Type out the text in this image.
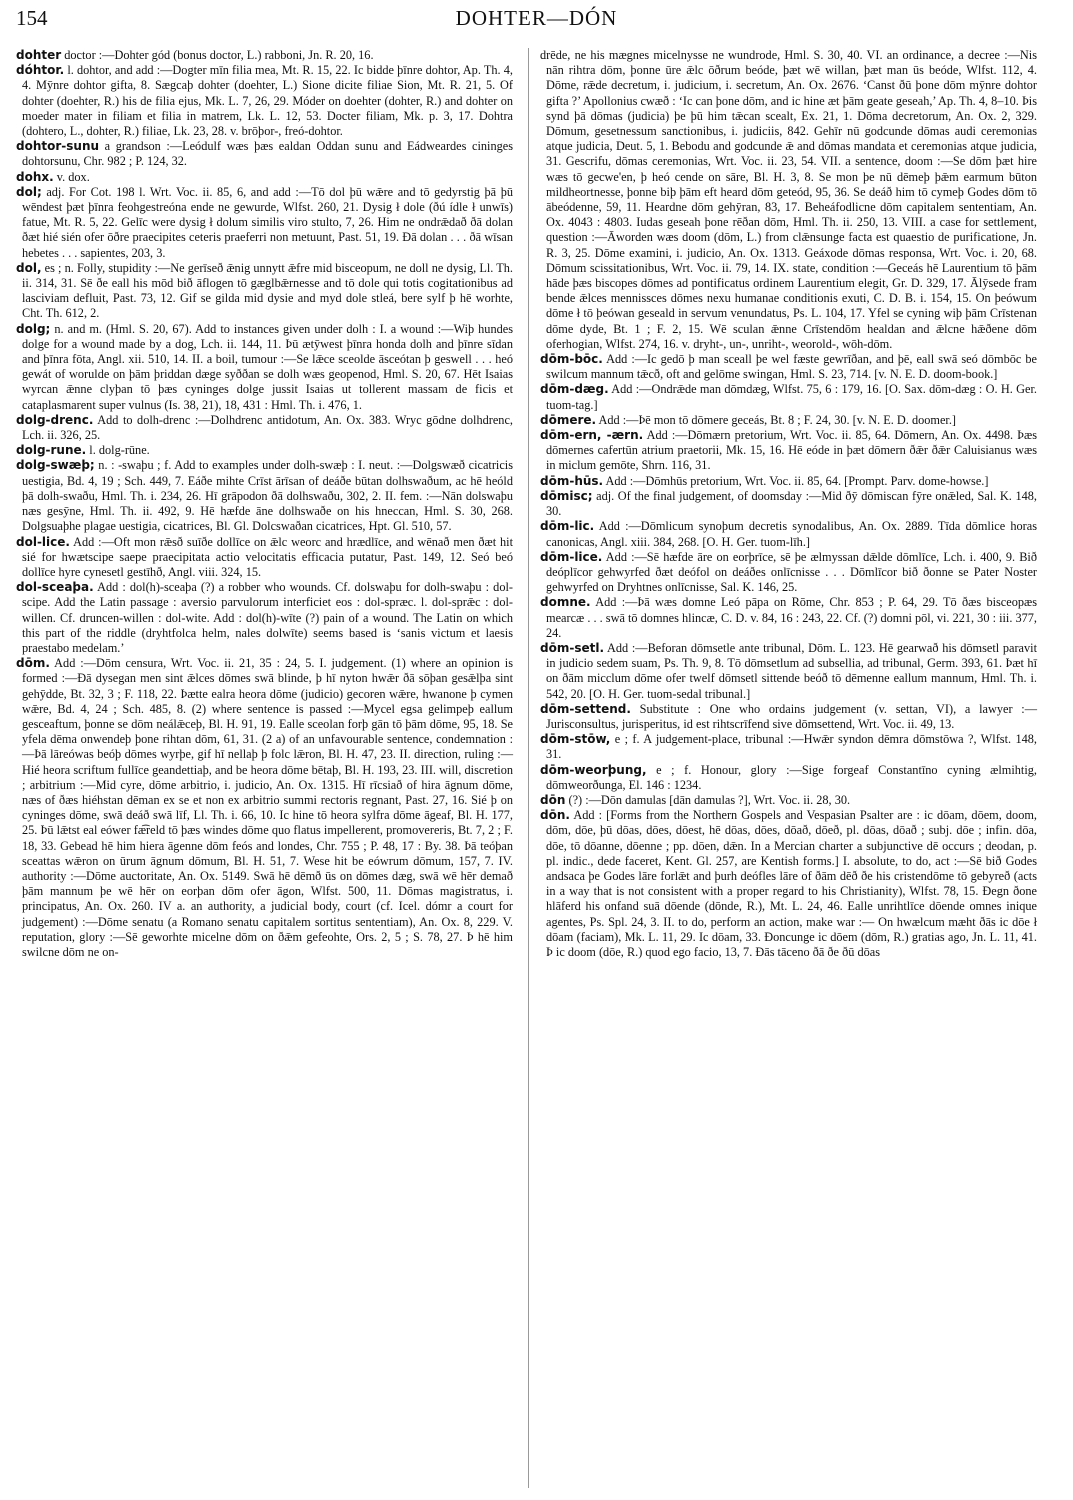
154	DOHTER—DÓN
dohter doctor :—Dohter gód (bonus doctor, L.) rabboni, Jn. R. 20, 16.
dóhtor. l. dohtor, and add :—Dogter mīn filia mea, Mt. R. 15, 22. Ic bidde þīnre dohtor, Ap. Th. 4, 4. Mȳnre dohtor gifta, 8. Sægcaþ dohter (doehter, L.) Sione dicite filiae Sion, Mt. R. 21, 5. Of dohter (doehter, R.) his de filia ejus, Mk. L. 7, 26, 29. Móder on doehter (dohter, R.) and dohter on moeder mater in filiam et filia in matrem, Lk. L. 12, 53. Docter filiam, Mk. p. 3, 17. Dohtra (dohtero, L., dohter, R.) filiae, Lk. 23, 28. v. brōþor-, freó-dohtor.
dohtor-sunu a grandson :—Leódulf wæs þæs ealdan Oddan sunu and Eádweardes ciningеs dohtorsunu, Chr. 982 ; P. 124, 32.
dohx. v. dox.
dol; adj. For Cot. 198 l. Wrt. Voc. ii. 85, 6, and add :—Tō dol þū wǣre and tō gedyrstig þā þū wēndest þæt þīnra feohgestreóna ende ne gewurde, Wlfst. 260, 21. Dysig ł dole (ðú ídle ł unwīs) fatue, Mt. R. 5, 22. Gelīc were dysig ł dolum similis viro stulto, 7, 26. Him ne ondrǣdað ðā dolan ðæt hié sién ofer ōðre praecipites ceteris praeferri non metuunt, Past. 51, 19. Ðā dolan . . . ðā wīsan hebetes . . . sapientes, 203, 3.
dol, es ; n. Folly, stupidity :—Ne gerīseð ǣnig unnytt ǣfre mid bisceopum, ne doll ne dysig, Ll. Th. ii. 314, 31. Sē ðe eall his mōd bið āflogen tō gæglbǣrnesse and tō dole qui totis cogitationibus ad lasciviam defluit, Past. 73, 12. Gif se gilda mid dysie and myd dole stleá, bere sylf þ hē worhte, Cht. Th. 612, 2.
dolg; n. and m. (Hml. S. 20, 67). Add to instances given under dolh : I. a wound :—Wiþ hundes dolge for a wound made by a dog, Lch. ii. 144, 11. Þū ætȳwest þīnra honda dolh and þīnre sīdan and þīnra fōta, Angl. xii. 510, 14. II. a boil, tumour :—Se lǣce sceolde āsceótan þ geswell . . . heó gewát of worulde on þām þriddan dæge syððan se dolh wæs geopenod, Hml. S. 20, 67. Hēt Isaias wyrcan ǣnne clyþan tō þæs cyninges dolge jussit Isaias ut tollerent massam de ficis et cataplasmarent super vulnus (Is. 38, 21), 18, 431 : Hml. Th. i. 476, 1.
dolg-drenc. Add to dolh-drenc :—Dolhdrenc antidotum, An. Ox. 383. Wryc gōdne dolhdrenc, Lch. ii. 326, 25.
dolg-rune. l. dolg-rūne.
dolg-swæþ; n. : -swaþu ; f. Add to examples under dolh-swæþ : I. neut. :—Dolgswæð cicatricis uestigia, Bd. 4, 19 ; Sch. 449, 7. Eáðe mihte Crīst ārīsan of deáðe būtan dolhswaðum, ac hē heóld þā dolh-swaðu, Hml. Th. i. 234, 26. Hī grāpodon ðā dolhswaðu, 302, 2. II. fem. :—Nān dolswaþu næs gesȳne, Hml. Th. ii. 492, 9. Hē hæfde āne dolhswaðe on his hneccan, Hml. S. 30, 268. Dolgsuaþhe plagae uestigia, cicatrices, Bl. Gl. Dolcswaðan cicatrices, Hpt. Gl. 510, 57.
dol-lice. Add :—Oft mon rǣsð suīðe dollīce on ǣlc weorc and hrædlīce, and wēnað men ðæt hit sié for hwætscipe saepe praecipitata actio velocitatis efficacia putatur, Past. 149, 12. Seó beó dollīce hyre cynesetl gestīhð, Angl. viii. 324, 15.
dol-sceaþa. Add : dol(h)-sceaþa (?) a robber who wounds. Cf. dolswaþu for dolh-swaþu : dol-scipe. Add the Latin passage : aversio parvulorum interficiet eos : dol-spræc. l. dol-sprǣc : dol-willen. Cf. druncen-willen : dol-wite. Add : dol(h)-wīte (?) pain of a wound. The Latin on which this part of the riddle (dryhtfolca helm, nales dolwīte) seems based is ‘sanis victum et laesis praestabo medelam.’
dōm. Add :—Dōm censura, Wrt. Voc. ii. 21, 35 : 24, 5. I. judgement. (1) where an opinion is formed :—Ðā dysegan men sint ǣlces dōmes swā blinde, þ hī nyton hwǣr ðā sōþan gesǣlþa sint gehȳdde, Bt. 32, 3 ; F. 118, 22. Þætte ealra heora dōme (judicio) gecoren wǣre, hwanone þ cymen wǣre, Bd. 4, 24 ; Sch. 485, 8. (2) where sentence is passed :—Mycel egsa gelimpeþ eallum gesceaftum, þonne se dōm neálǣceþ, Bl. H. 91, 19. Ealle sceolan forþ gān tō þām dōme, 95, 18. Se yfela dēma onwendeþ þone rihtan dōm, 61, 31. (2 a) of an unfavourable sentence, condemnation :—Þā lāreówas beóþ dōmes wyrþe, gif hī nellaþ þ folc lǣron, Bl. H. 47, 23. II. direction, ruling :—Hié heora scriftum fullīce geandettiaþ, and be heora dōme bētaþ, Bl. H. 193, 23. III. will, discretion ; arbitrium :—Mid cyre, dōme arbitrio, i. judicio, An. Ox. 1315. Hī rīcsiað of hira āgnum dōme, næs of ðæs hiéhstan dēman ex se et non ex arbitrio summi rectoris regnant, Past. 27, 16. Sié þ on cyninges dōme, swā deáð swā līf, Ll. Th. i. 66, 10. Ic hine tō heora sylfra dōme āgeaf, Bl. H. 177, 25. Þū lǣtst eal eówer fæ͡reld tō þæs windes dōme quo flatus impellerent, promovereris, Bt. 7, 2 ; F. 18, 33. Gebead hē him hiera āgenne dōm feós and londes, Chr. 755 ; P. 48, 17 : By. 38. Þā teóþan sceattas wǣron on ūrum āgnum dōmum, Bl. H. 51, 7. Wese hit be eówrum dōmum, 157, 7. IV. authority :—Dōme auctoritate, An. Ox. 5149. Swā hē dēmð ūs on dōmes dæg, swā wē hēr demað þām mannum þe wē hēr on eorþan dōm ofer āgon, Wlfst. 500, 11. Dōmas magistratus, i. principatus, An. Ox. 260. IV a. an authority, a judicial body, court (cf. Icel. dómr a court for judgement) :—Dōme senatu (a Romano senatu capitalem sortitus sententiam), An. Ox. 8, 229. V. reputation, glory :—Sē geworhte micelne dōm on ðǣm gefeohte, Ors. 2, 5 ; S. 78, 27. Þ hē him swilcne dōm ne on-
drēde, ne his mægnes micelnysse ne wundrode, Hml. S. 30, 40. VI. an ordinance, a decree :—Nis nān rihtra dōm, þonne ūre ǣlc ōðrum beóde, þæt wē willan, þæt man ūs beóde, Wlfst. 112, 4. Dōme, rǣde decretum, i. judicium, i. secretum, An. Ox. 2676. ‘Canst ðū þone dōm mȳnre dohtor gifta ?’ Apollonius cwæð : ‘Ic can þone dōm, and ic hine æt þām geate geseah,’ Ap. Th. 4, 8–10. Þis synd þā dōmas (judicia) þe þū him tǣcan scealt, Ex. 21, 1. Dōma decretorum, An. Ox. 2, 329. Dōmum, gesetnessum sanctionibus, i. judiciis, 842. Gehīr nū godcunde dōmas audi ceremonias atque judicia, Deut. 5, 1. Bebodu and godcunde ǣ and dōmas mandata et ceremonias atque judicia, 31. Gescrifu, dōmas ceremonias, Wrt. Voc. ii. 23, 54. VII. a sentence, doom :—Se dōm þæt hire wæs tō gecwe'en, þ heó cende on sāre, Bl. H. 3, 8. Se mon þe nū dēmeþ þǣm earmum būton mildheortnesse, þonne biþ þām eft heard dōm geteód, 95, 36. Se deáð him tō cymeþ Godes dōm tō ābeódenne, 59, 11. Heardne dōm gehȳran, 83, 17. Beheáfodlicne dōm capitalem sententiam, An. Ox. 4043 : 4803. Iudas geseah þone rēðan dōm, Hml. Th. ii. 250, 13. VIII. a case for settlement, question :—Āworden wæs doom (dōm, L.) from clǣnsunge facta est quaestio de purificatione, Jn. R. 3, 25. Dōme examini, i. judicio, An. Ox. 1313. Geáxode dōmas responsa, Wrt. Voc. i. 20, 68. Dōmum scissitationibus, Wrt. Voc. ii. 79, 14. IX. state, condition :—Geceás hē Laurentium tō þām hāde þæs biscopes dōmes ad pontificatus ordinem Laurentium elegit, Gr. D. 329, 17. Ālȳsede fram bende ǣlces mennisscеs dōmes nexu humanae conditionis exuti, C. D. B. i. 154, 15. On þeówum dōme ł tō þeówan geseald in servum venundatus, Ps. L. 104, 17. Yfel se cyning wiþ þām Crīstenan dōme dyde, Bt. 1 ; F. 2, 15. Wē sculan ǣnne Crīstendōm healdan and ǣlcne hǣðene dōm oferhogian, Wlfst. 274, 16. v. dryht-, un-, unriht-, weorold-, wōh-dōm.
dōm-bōc. Add :—Ic gedō þ man sceall þe wel fæste gewrīðan, and þē, eall swā seó dōmbōc be swilcum mannum tǣcð, oft and gelōme swingan, Hml. S. 23, 714. [v. N. E. D. doom-book.]
dōm-dæg. Add :—Ondrǣde man dōmdæg, Wlfst. 75, 6 : 179, 16. [O. Sax. dōm-dæg : O. H. Ger. tuom-tag.]
dōmere. Add :—Þē mon tō dōmere geceás, Bt. 8 ; F. 24, 30. [v. N. E. D. doomer.]
dōm-ern, -ærn. Add :—Dōmærn pretorium, Wrt. Voc. ii. 85, 64. Dōmern, An. Ox. 4498. Þæs dōmernes cafertūn atrium praetorii, Mk. 15, 16. Hē eóde in þæt dōmern ðǣr ðǣr Caluisianus wæs in miclum gemōte, Shrn. 116, 31.
dōm-hūs. Add :—Dōmhūs pretorium, Wrt. Voc. ii. 85, 64. [Prompt. Parv. dome-howse.]
dōmisc; adj. Of the final judgement, of doomsday :—Mid ðȳ dōmiscan fȳre onǣled, Sal. K. 148, 30.
dōm-lic. Add :—Dōmlicum synoþum decretis synodalibus, An. Ox. 2889. Tīda dōmlice horas canonicas, Angl. xiii. 384, 268. [O. H. Ger. tuom-līh.]
dōm-lice. Add :—Sē hæfde āre on eorþrīce, sē þe ælmyssan dǣlde dōmlīce, Lch. i. 400, 9. Bið deóplīcor gehwyrfed ðæt deófol on deáðes onlīcnisse . . . Dōmlīcor bið ðonne se Pater Noster gehwyrfed on Dryhtnes onlīcnisse, Sal. K. 146, 25.
domne. Add :—Þā wæs domne Leó pāpa on Rōme, Chr. 853 ; P. 64, 29. Tō ðæs bisceopæs mearcæ . . . swā tō domnes hlincæ, C. D. v. 84, 16 : 243, 22. Cf. (?) domni pōl, vi. 221, 30 : iii. 377, 24.
dōm-setl. Add :—Beforan dōmsetle ante tribunal, Dōm. L. 123. Hē gearwað his dōmsetl paravit in judicio sedem suam, Ps. Th. 9, 8. Tō dōmsetlum ad subsellia, ad tribunal, Germ. 393, 61. Þæt hī on ðām micclum dōme ofer twelf dōmsetl sittende beóð tō dēmenne eallum mannum, Hml. Th. i. 542, 20. [O. H. Ger. tuom-sedal tribunal.]
dōm-settend. Substitute : One who ordains judgement (v. settan, VI), a lawyer :—Jurisconsultus, jurisperitus, id est rihtscrīfend sive dōmsettend, Wrt. Voc. ii. 49, 13.
dōm-stōw, e ; f. A judgement-place, tribunal :—Hwǣr syndon dēmra dōmstōwa ?, Wlfst. 148, 31.
dōm-weorþung, e ; f. Honour, glory :—Sige forgeaf Constantīno cyning ælmihtig, dōmweorðunga, El. 146 : 1234.
dōn (?) :—Dōn damulas [dān damulas ?], Wrt. Voc. ii. 28, 30.
dōn. Add : [Forms from the Northern Gospels and Vespasian Psalter are : ic dōam, dōem, doom, dōm, dōe, þū dōas, dōes, dōest, hē dōas, dōes, dōað, dōeð, pl. dōas, dōað ; subj. dōe ; infin. dōa, dōe, tō dōanne, dōenne ; pp. dōen, dǣn. In a Mercian charter a subjunctive dē occurs ; deodan, p. pl. indic., dede faceret, Kent. Gl. 257, are Kentish forms.] I. absolute, to do, act :—Sē bið Godes andsaca þe Godes lāre forlǣt and þurh deófles lāre of ðām dēð ðe his cristendōme tō gebyreð (acts in a way that is not consistent with a proper regard to his Christianity), Wlfst. 78, 15. Ðegn ðone hlāferd his onfand suā dōende (dōnde, R.), Mt. L. 24, 46. Ealle unrihtlīce dōende omnes inique agentes, Ps. Spl. 24, 3. II. to do, perform an action, make war :— On hwælcum mæht ðās ic dōe ł dōam (faciam), Mk. L. 11, 29. Ic dōam, 33. Ðoncunge ic dōem (dōm, R.) gratias ago, Jn. L. 11, 41. Þ ic doom (dōe, R.) quod ego facio, 13, 7. Ðās tāceno ðā ðe ðū dōas
